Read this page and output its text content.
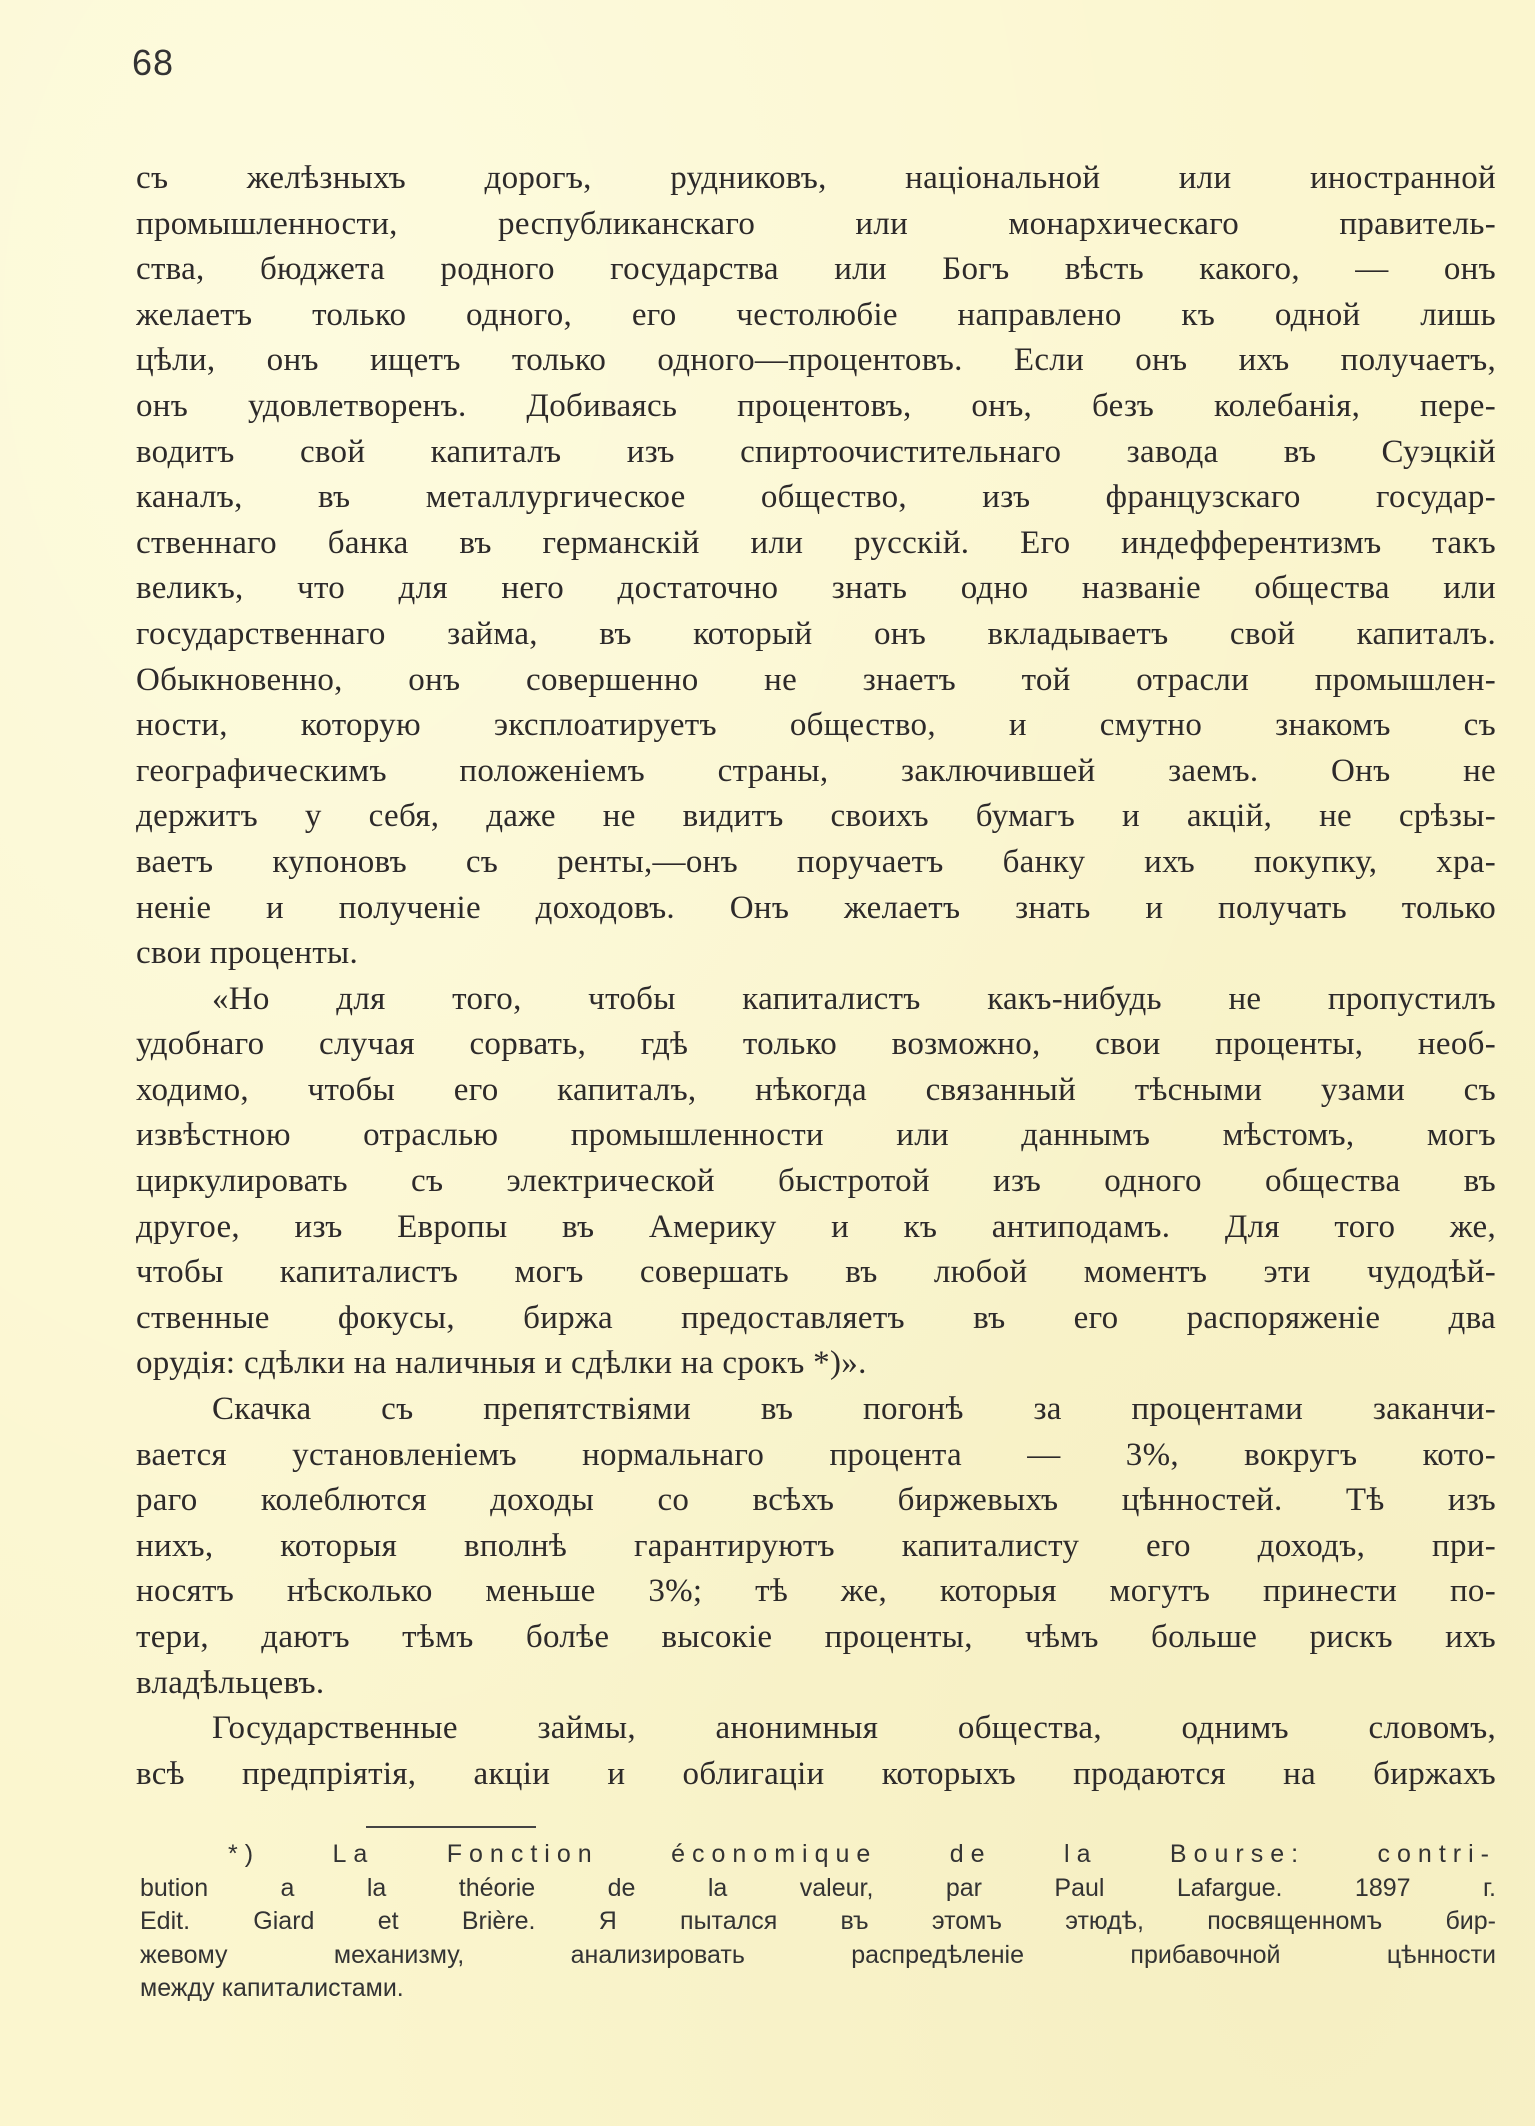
68
съ желѣзныхъ дорогъ, рудниковъ, національной или иностранной
промышленности, республиканскаго или монархическаго правитель-
ства, бюджета родного государства или Богъ вѣсть какого, — онъ
желаетъ только одного, его честолюбіе направлено къ одной лишь
цѣли, онъ ищетъ только одного—процентовъ. Если онъ ихъ получаетъ,
онъ удовлетворенъ. Добиваясь процентовъ, онъ, безъ колебанія, пере-
водитъ свой капиталъ изъ спиртоочистительнаго завода въ Суэцкій
каналъ, въ металлургическое общество, изъ французскаго государ-
ственнаго банка въ германскій или русскій. Его индефферентизмъ такъ
великъ, что для него достаточно знать одно названіе общества или
государственнаго займа, въ который онъ вкладываетъ свой капиталъ.
Обыкновенно, онъ совершенно не знаетъ той отрасли промышлен-
ности, которую эксплоатируетъ общество, и смутно знакомъ съ
географическимъ положеніемъ страны, заключившей заемъ. Онъ не
держитъ у себя, даже не видитъ своихъ бумагъ и акцій, не срѣзы-
ваетъ купоновъ съ ренты,—онъ поручаетъ банку ихъ покупку, хра-
неніе и полученіе доходовъ. Онъ желаетъ знать и получать только
свои проценты.
«Но для того, чтобы капиталистъ какъ-нибудь не пропустилъ
удобнаго случая сорвать, гдѣ только возможно, свои проценты, необ-
ходимо, чтобы его капиталъ, нѣкогда связанный тѣсными узами съ
извѣстною отраслью промышленности или даннымъ мѣстомъ, могъ
циркулировать съ электрической быстротой изъ одного общества въ
другое, изъ Европы въ Америку и къ антиподамъ. Для того же,
чтобы капиталистъ могъ совершать въ любой моментъ эти чудодѣй-
ственные фокусы, биржа предоставляетъ въ его распоряженіе два
орудія: сдѣлки на наличныя и сдѣлки на срокъ *)».
Скачка съ препятствіями въ погонѣ за процентами заканчи-
вается установленіемъ нормальнаго процента — 3%, вокругъ кото-
раго колеблются доходы со всѣхъ биржевыхъ цѣнностей. Тѣ изъ
нихъ, которыя вполнѣ гарантируютъ капиталисту его доходъ, при-
носятъ нѣсколько меньше 3%; тѣ же, которыя могутъ принести по-
тери, даютъ тѣмъ болѣе высокіе проценты, чѣмъ больше рискъ ихъ
владѣльцевъ.
Государственные займы, анонимныя общества, однимъ словомъ,
всѣ предпріятія, акціи и облигаціи которыхъ продаются на биржахъ
*) La Fonction économique de la Bourse: contri-
bution a la théorie de la valeur, par Paul Lafargue. 1897 г.
Edit. Giard et Brière. Я пытался въ этомъ этюдѣ, посвященномъ бир-
жевому механизму, анализировать распредѣленіе прибавочной цѣнности
между капиталистами.
